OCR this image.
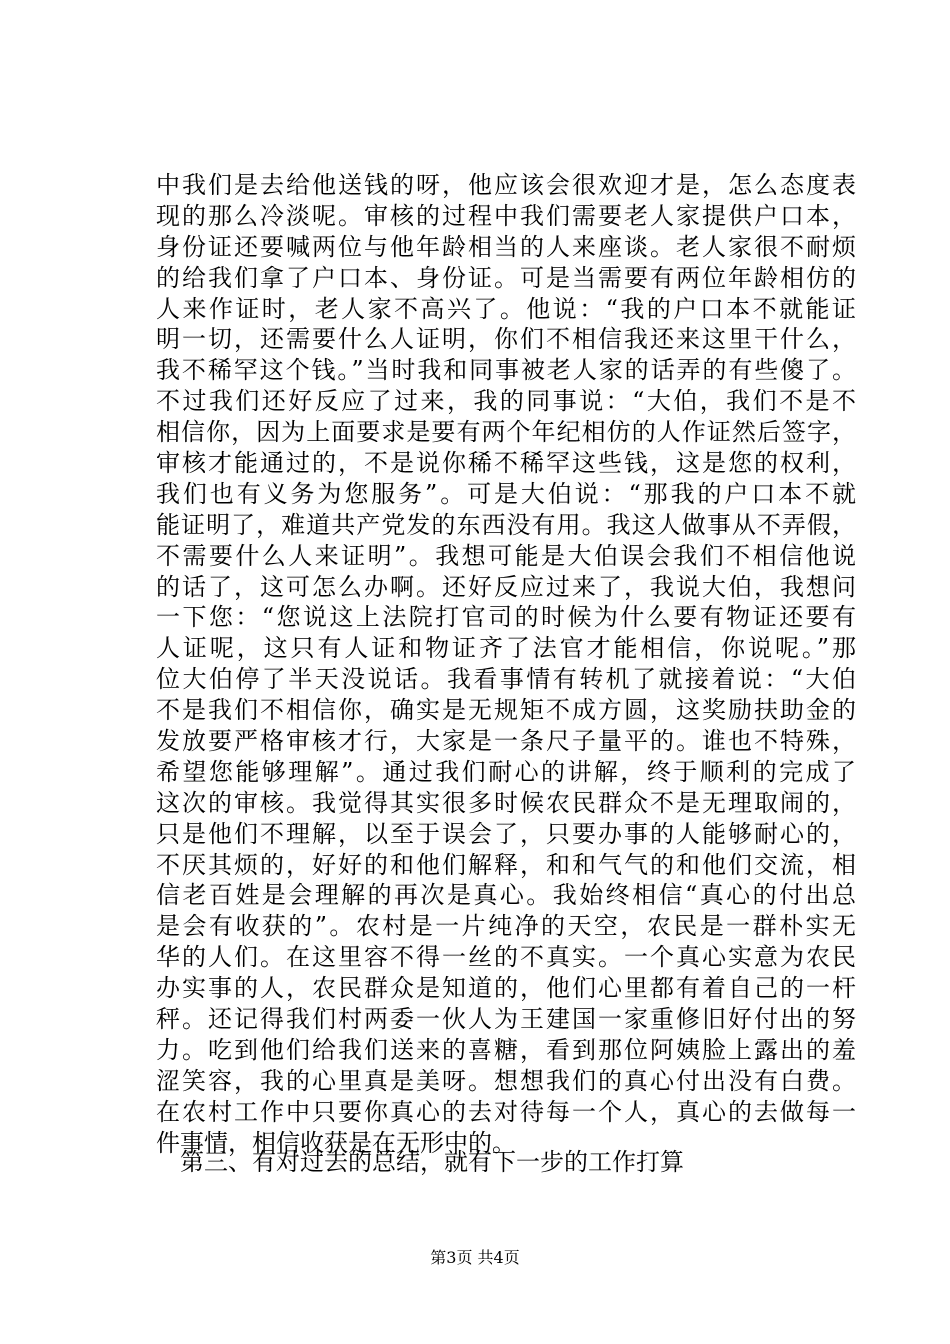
中我们是去给他送钱的呀，他应该会很欢迎才是，怎么态度表
现的那么冷淡呢。审核的过程中我们需要老人家提供户口本，
身份证还要喊两位与他年龄相当的人来座谈。老人家很不耐烦
的给我们拿了户口本、身份证。可是当需要有两位年龄相仿的
人来作证时，老人家不高兴了。他说：“我的户口本不就能证
明一切，还需要什么人证明，你们不相信我还来这里干什么，
我不稀罕这个钱。”当时我和同事被老人家的话弄的有些傻了。
不过我们还好反应了过来，我的同事说：“大伯，我们不是不
相信你，因为上面要求是要有两个年纪相仿的人作证然后签字，
审核才能通过的，不是说你稀不稀罕这些钱，这是您的权利，
我们也有义务为您服务”。可是大伯说：“那我的户口本不就
能证明了，难道共产党发的东西没有用。我这人做事从不弄假，
不需要什么人来证明”。我想可能是大伯误会我们不相信他说
的话了，这可怎么办啊。还好反应过来了，我说大伯，我想问
一下您：“您说这上法院打官司的时候为什么要有物证还要有
人证呢，这只有人证和物证齐了法官才能相信，你说呢。”那
位大伯停了半天没说话。我看事情有转机了就接着说：“大伯
不是我们不相信你，确实是无规矩不成方圆，这奖励扶助金的
发放要严格审核才行，大家是一条尺子量平的。谁也不特殊，
希望您能够理解”。通过我们耐心的讲解，终于顺利的完成了
这次的审核。我觉得其实很多时候农民群众不是无理取闹的，
只是他们不理解，以至于误会了，只要办事的人能够耐心的，
不厌其烦的，好好的和他们解释，和和气气的和他们交流，相
信老百姓是会理解的再次是真心。我始终相信“真心的付出总
是会有收获的”。农村是一片纯净的天空，农民是一群朴实无
华的人们。在这里容不得一丝的不真实。一个真心实意为农民
办实事的人，农民群众是知道的，他们心里都有着自己的一杆
秤。还记得我们村两委一伙人为王建国一家重修旧好付出的努
力。吃到他们给我们送来的喜糖，看到那位阿姨脸上露出的羞
涩笑容，我的心里真是美呀。想想我们的真心付出没有白费。
在农村工作中只要你真心的去对待每一个人，真心的去做每一
件事情，相信收获是在无形中的。
第三、有对过去的总结，就有下一步的工作打算
第3页 共4页
